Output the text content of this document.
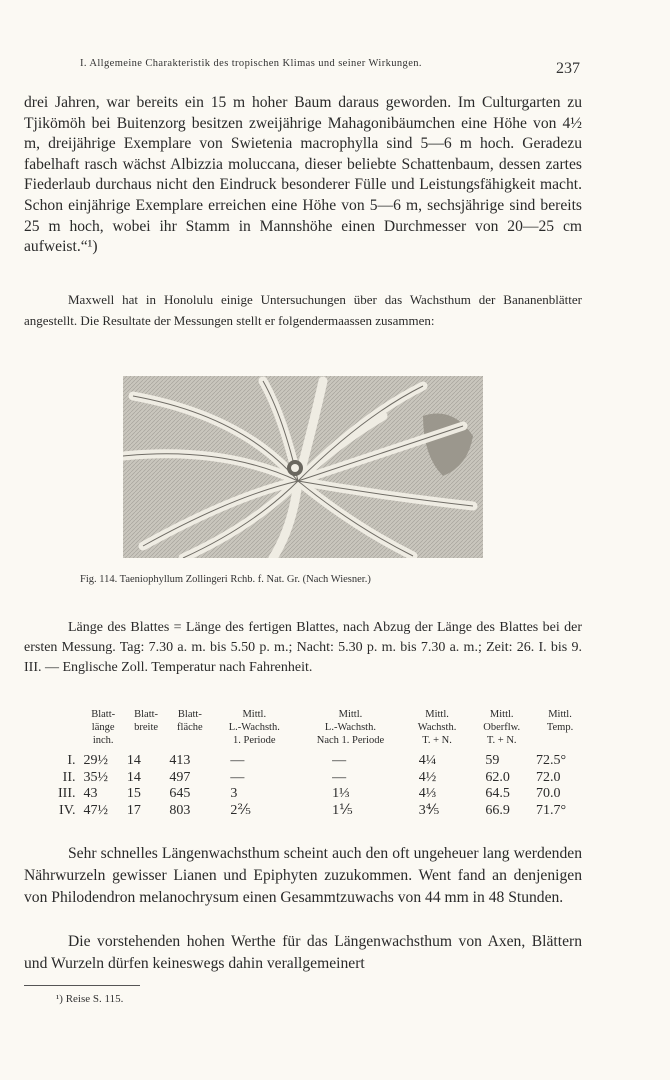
I. Allgemeine Charakteristik des tropischen Klimas und seiner Wirkungen.	237

drei Jahren, war bereits ein 15 m hoher Baum daraus geworden. Im Culturgarten zu Tjikömöh bei Buitenzorg besitzen zweijährige Mahagonibäumchen eine Höhe von 4½ m, dreijährige Exemplare von Swietenia macrophylla sind 5—6 m hoch. Geradezu fabelhaft rasch wächst Albizzia moluccana, dieser beliebte Schattenbaum, dessen zartes Fiederlaub durchaus nicht den Eindruck besonderer Fülle und Leistungsfähigkeit macht. Schon einjährige Exemplare erreichen eine Höhe von 5—6 m, sechsjährige sind bereits 25 m hoch, wobei ihr Stamm in Mannshöhe einen Durchmesser von 20—25 cm aufweist.“¹)

Maxwell hat in Honolulu einige Untersuchungen über das Wachsthum der Bananenblätter angestellt. Die Resultate der Messungen stellt er folgendermaassen zusammen:

Fig. 114. Taeniophyllum Zollingeri Rchb. f. Nat. Gr. (Nach Wiesner.)

Länge des Blattes = Länge des fertigen Blattes, nach Abzug der Länge des Blattes bei der ersten Messung. Tag: 7.30 a. m. bis 5.50 p. m.; Nacht: 5.30 p. m. bis 7.30 a. m.; Zeit: 26. I. bis 9. III. — Englische Zoll. Temperatur nach Fahrenheit.

	Blatt-
länge
inch.	Blatt-
breite	Blatt-
fläche	Mittl.
L.-Wachsth.
1. Periode	Mittl.
L.-Wachsth.
Nach 1. Periode	Mittl.
Wachsth.
T. + N.	Mittl.
Oberflw.
T. + N.	Mittl.
Temp.
I.	29½	14	413	—	—	4¼	59	72.5°
II.	35½	14	497	—	—	4½	62.0	72.0
III.	43	15	645	3	1⅓	4⅓	64.5	70.0
IV.	47½	17	803	2⅖	1⅕	3⅘	66.9	71.7°

Sehr schnelles Längenwachsthum scheint auch den oft ungeheuer lang werdenden Nährwurzeln gewisser Lianen und Epiphyten zuzukommen. Went fand an denjenigen von Philodendron melanochrysum einen Gesammtzuwachs von 44 mm in 48 Stunden.

Die vorstehenden hohen Werthe für das Längenwachsthum von Axen, Blättern und Wurzeln dürfen keineswegs dahin verallgemeinert

¹) Reise S. 115.
